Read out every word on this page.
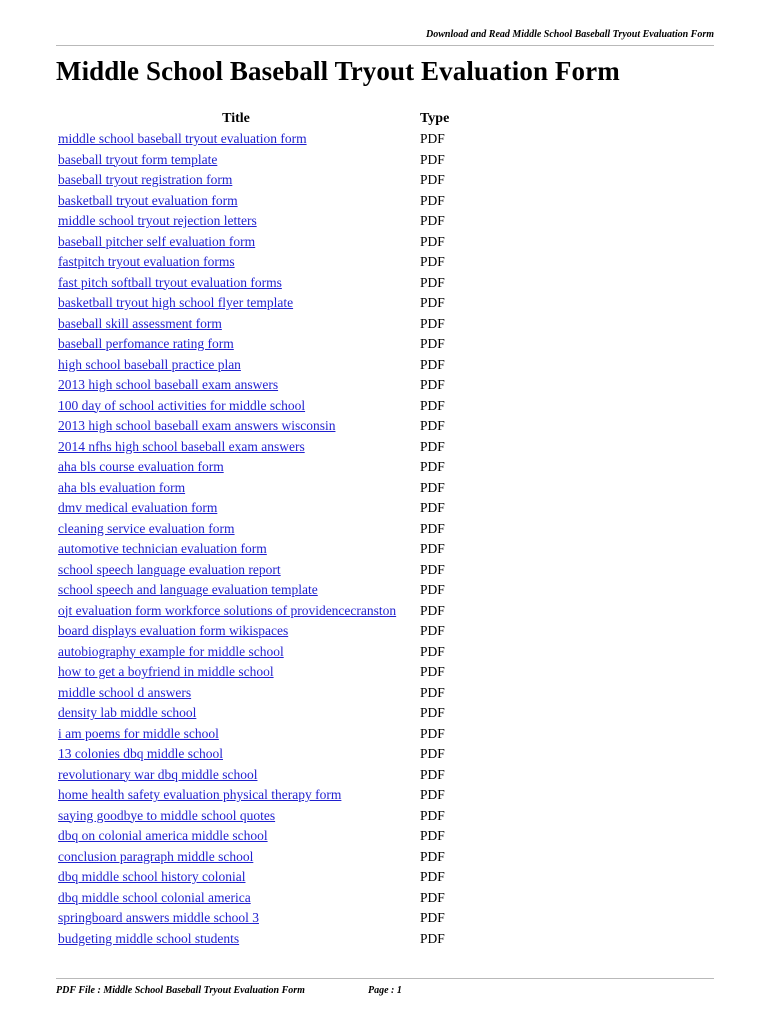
Download and Read Middle School Baseball Tryout Evaluation Form
Middle School Baseball Tryout Evaluation Form
Title	Type
middle school baseball tryout evaluation form	PDF
baseball tryout form template	PDF
baseball tryout registration form	PDF
basketball tryout evaluation form	PDF
middle school tryout rejection letters	PDF
baseball pitcher self evaluation form	PDF
fastpitch tryout evaluation forms	PDF
fast pitch softball tryout evaluation forms	PDF
basketball tryout high school flyer template	PDF
baseball skill assessment form	PDF
baseball perfomance rating form	PDF
high school baseball practice plan	PDF
2013 high school baseball exam answers	PDF
100 day of school activities for middle school	PDF
2013 high school baseball exam answers wisconsin	PDF
2014 nfhs high school baseball exam answers	PDF
aha bls course evaluation form	PDF
aha bls evaluation form	PDF
dmv medical evaluation form	PDF
cleaning service evaluation form	PDF
automotive technician evaluation form	PDF
school speech language evaluation report	PDF
school speech and language evaluation template	PDF
ojt evaluation form workforce solutions of providencecranston PDF
board displays evaluation form wikispaces	PDF
autobiography example for middle school	PDF
how to get a boyfriend in middle school	PDF
middle school d answers	PDF
density lab middle school	PDF
i am poems for middle school	PDF
13 colonies dbq middle school	PDF
revolutionary war dbq middle school	PDF
home health safety evaluation physical therapy form	PDF
saying goodbye to middle school quotes	PDF
dbq on colonial america middle school	PDF
conclusion paragraph middle school	PDF
dbq middle school history colonial	PDF
dbq middle school colonial america	PDF
springboard answers middle school 3	PDF
budgeting middle school students	PDF
PDF File : Middle School Baseball Tryout Evaluation Form	Page : 1
